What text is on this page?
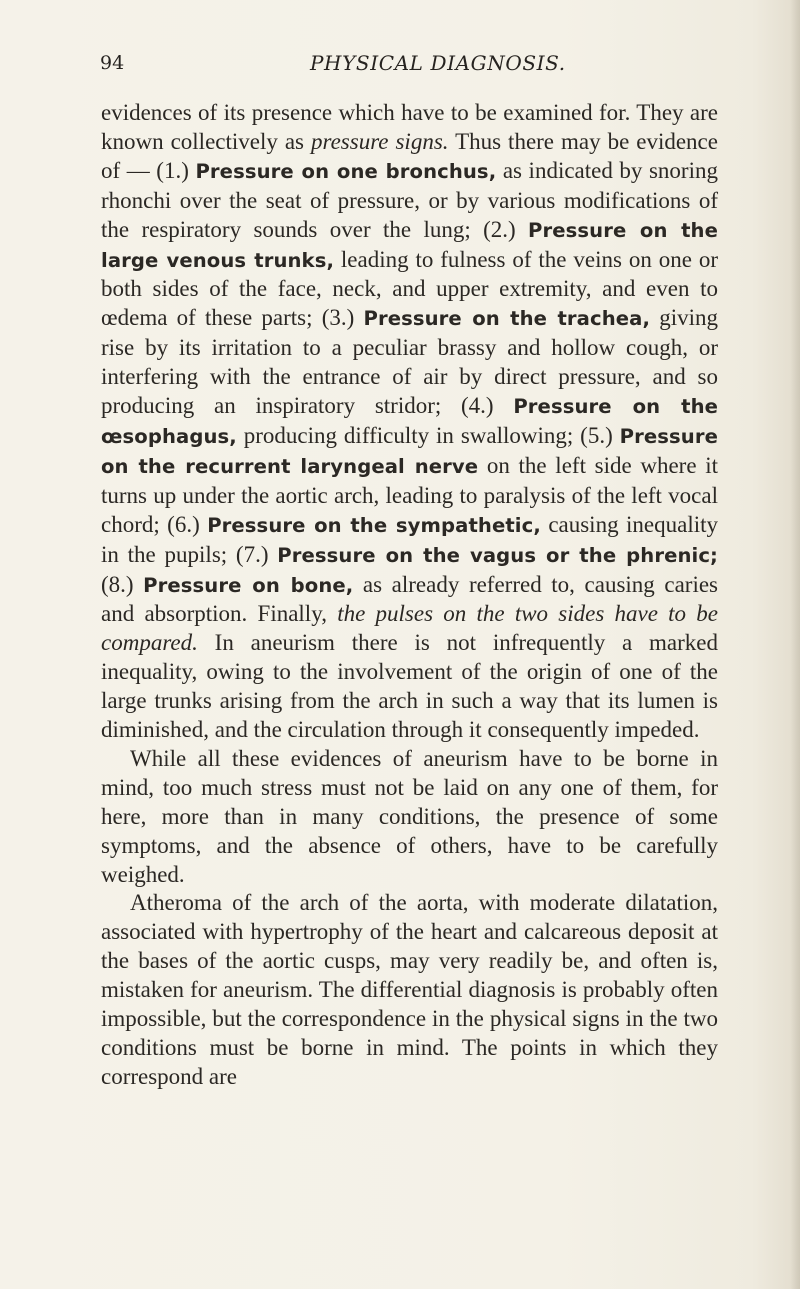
94	PHYSICAL DIAGNOSIS.

evidences of its presence which have to be examined for. They are known collectively as pressure signs. Thus there may be evidence of — (1.) Pressure on one bronchus, as indicated by snoring rhonchi over the seat of pressure, or by various modifications of the respiratory sounds over the lung; (2.) Pressure on the large venous trunks, leading to fulness of the veins on one or both sides of the face, neck, and upper extremity, and even to œdema of these parts; (3.) Pressure on the trachea, giving rise by its irritation to a peculiar brassy and hollow cough, or interfering with the entrance of air by direct pressure, and so producing an inspiratory stridor; (4.) Pressure on the œsophagus, producing difficulty in swallowing; (5.) Pressure on the recurrent laryngeal nerve on the left side where it turns up under the aortic arch, leading to paralysis of the left vocal chord; (6.) Pressure on the sympathetic, causing inequality in the pupils; (7.) Pressure on the vagus or the phrenic; (8.) Pressure on bone, as already referred to, causing caries and absorption. Finally, the pulses on the two sides have to be compared. In aneurism there is not infrequently a marked inequality, owing to the involvement of the origin of one of the large trunks arising from the arch in such a way that its lumen is diminished, and the circulation through it consequently impeded.

While all these evidences of aneurism have to be borne in mind, too much stress must not be laid on any one of them, for here, more than in many conditions, the presence of some symptoms, and the absence of others, have to be carefully weighed.

Atheroma of the arch of the aorta, with moderate dilatation, associated with hypertrophy of the heart and calcareous deposit at the bases of the aortic cusps, may very readily be, and often is, mistaken for aneurism. The differential diagnosis is probably often impossible, but the correspondence in the physical signs in the two conditions must be borne in mind. The points in which they correspond are
